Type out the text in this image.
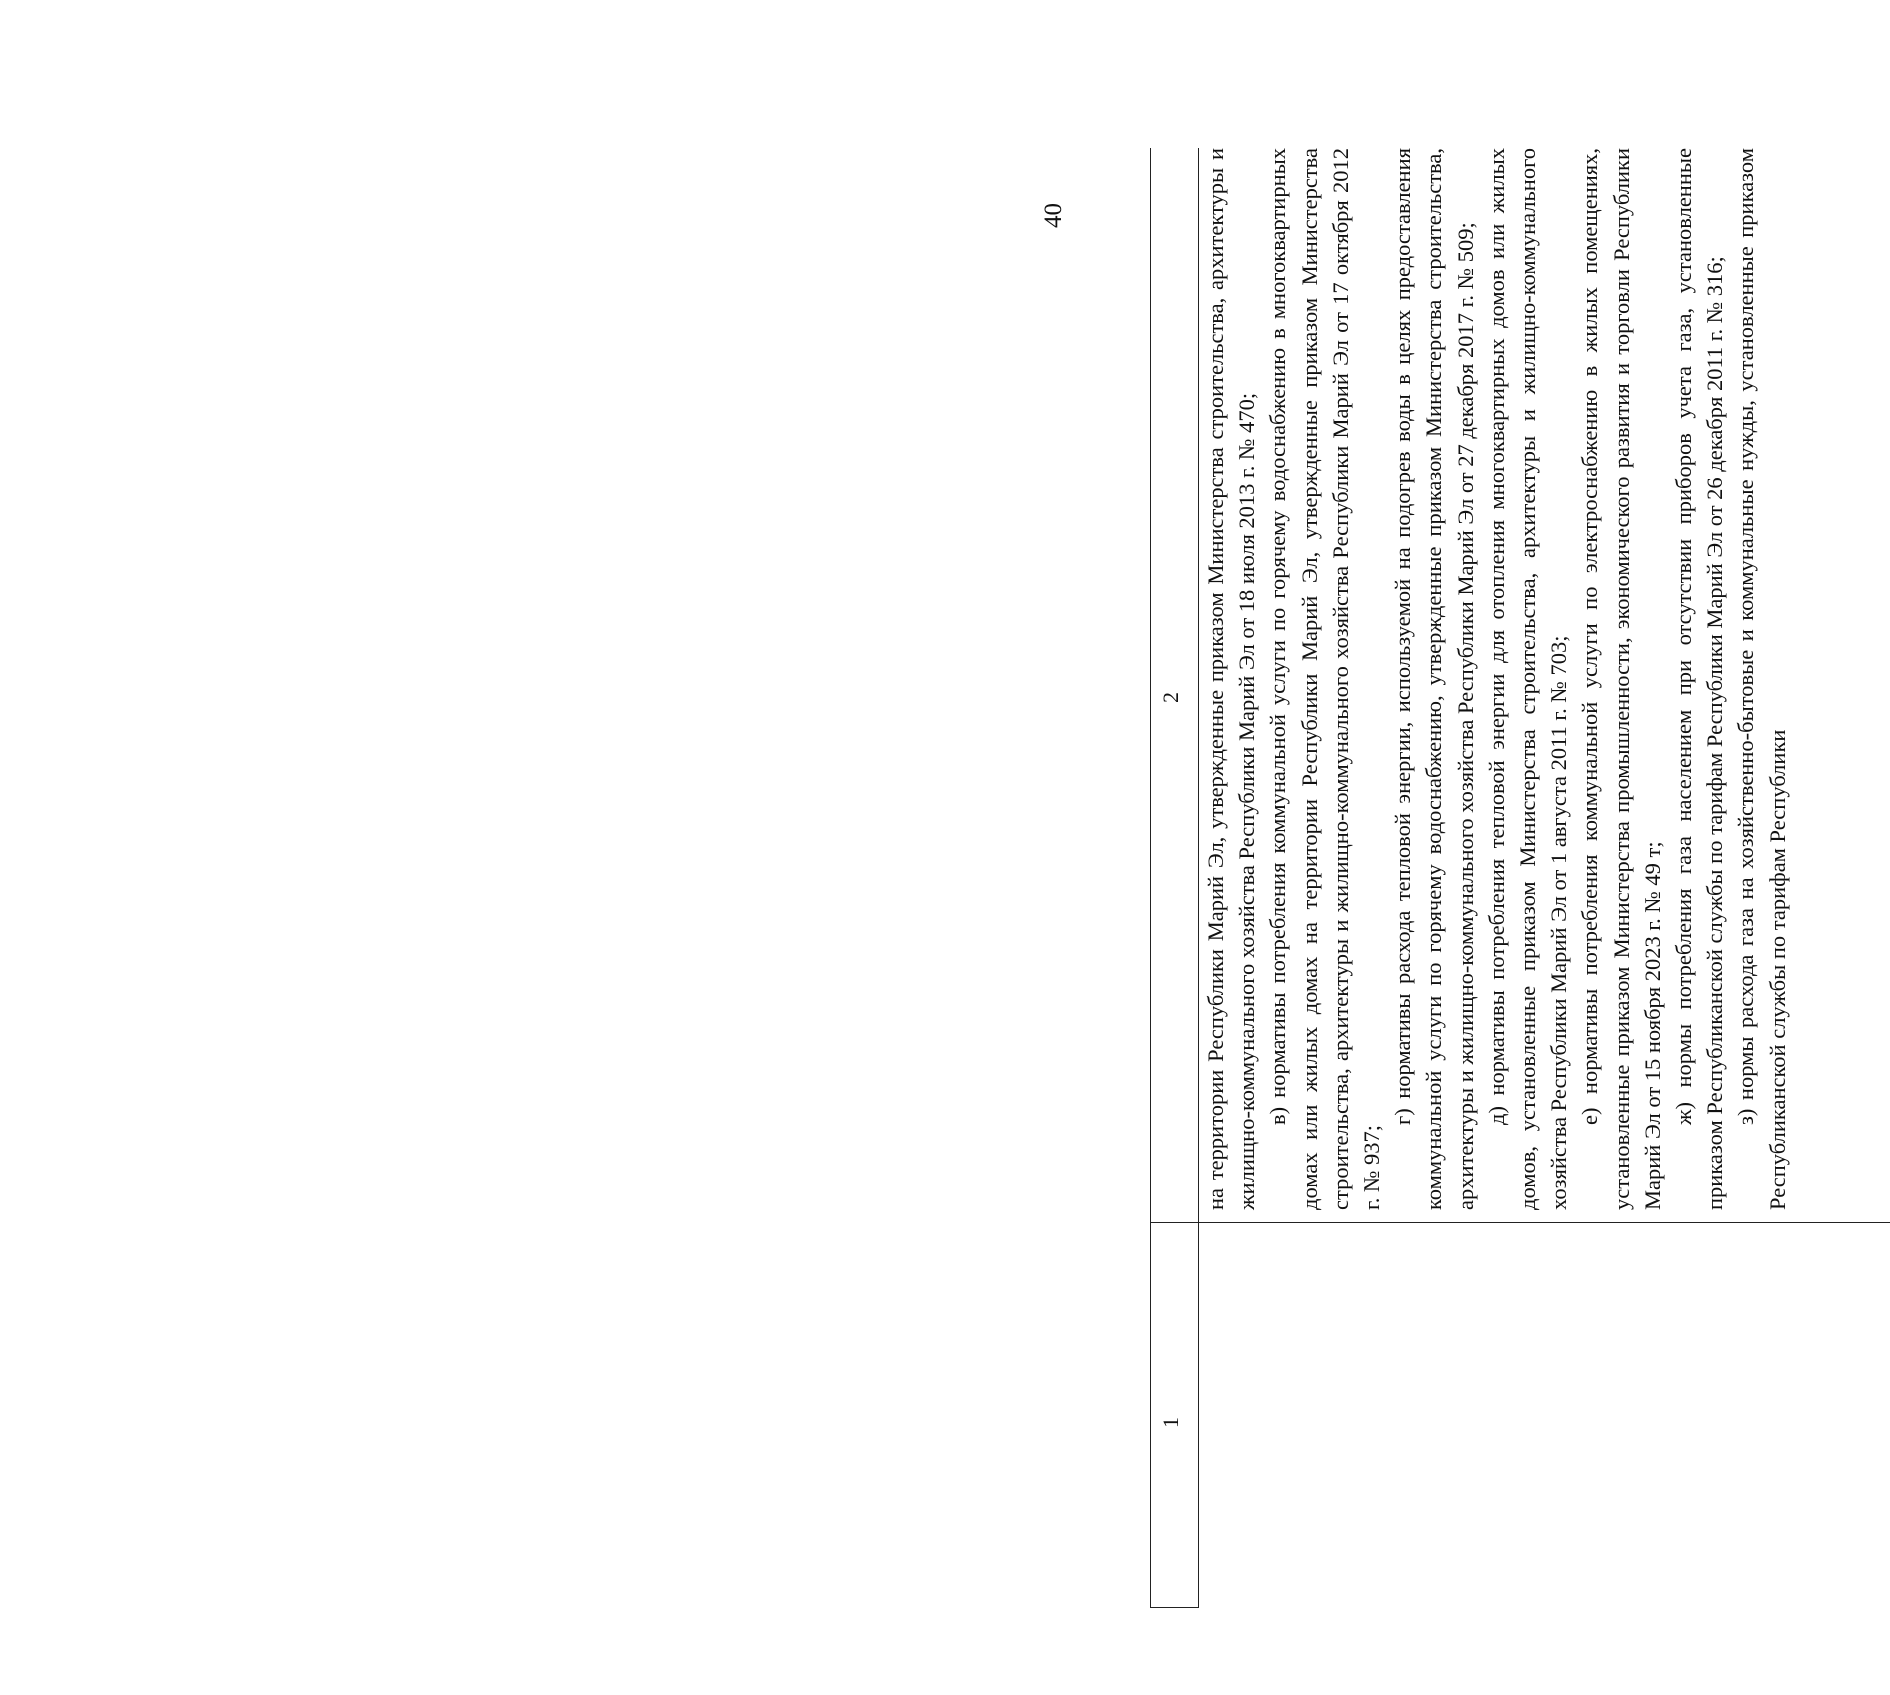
40
1
2 на территории Республики Марий Эл, утвержденные приказом Министерства строительства, архитектуры и жилищно-коммунального хозяйства Республики Марий Эл от 18 июля 2013 г. № 470; в) нормативы потребления коммунальной услуги по горячему водоснабжению в многоквартирных домах или жилых домах на территории Республики Марий Эл, утвержденные приказом Министерства строительства, архитектуры и жилищно-коммунального хозяйства Республики Марий Эл от 17 октября 2012 г. № 937;

г) нормативы расхода тепловой энергии, используемой на подогрев воды в целях предоставления коммунальной услуги по горячему водоснабжению, утвержденные приказом Министерства строительства, архитектуры и жилищно-коммунального хозяйства Республики Марий Эл от 27 декабря 2017 г. № 509; д) нормативы потребления тепловой энергии для отопления многоквартирных домов или жилых домов, установленные приказом Министерства строительства, архитектуры и жилищно-коммунального хозяйства Республики Марий Эл от 1 августа 2011 г. № 703; е) нормативы потребления коммунальной услуги по электроснабжению в жилых помещениях, установленные приказом Министерства промышленности, экономического развития и торговли Республики Марий Эл от 15 ноября 2023 г. № 49 т; ж) нормы потребления газа населением при отсутствии приборов учета газа, установленные приказом Республиканской службы по тарифам Республики Марий Эл от 26 декабря 2011 г. № 316; з) нормы расхода газа на хозяйственно-бытовые и коммунальные нужды, установленные приказом Республиканской службы по тарифам Республики
